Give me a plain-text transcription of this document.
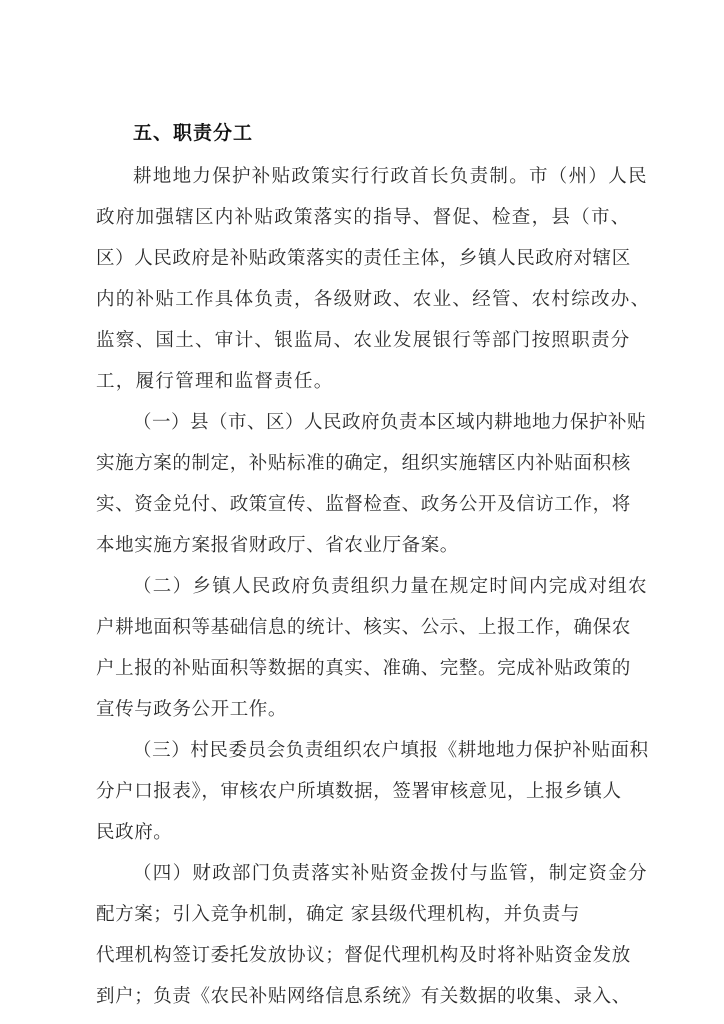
五、职责分工
耕地地力保护补贴政策实行行政首长负责制。市（州）人民
政府加强辖区内补贴政策落实的指导、督促、检查，县（市、
区）人民政府是补贴政策落实的责任主体，乡镇人民政府对辖区
内的补贴工作具体负责，各级财政、农业、经管、农村综改办、
监察、国土、审计、银监局、农业发展银行等部门按照职责分
工，履行管理和监督责任。
（一）县（市、区）人民政府负责本区域内耕地地力保护补贴
实施方案的制定，补贴标准的确定，组织实施辖区内补贴面积核
实、资金兑付、政策宣传、监督检查、政务公开及信访工作，将
本地实施方案报省财政厅、省农业厅备案。
（二）乡镇人民政府负责组织力量在规定时间内完成对组农
户耕地面积等基础信息的统计、核实、公示、上报工作，确保农
户上报的补贴面积等数据的真实、准确、完整。完成补贴政策的
宣传与政务公开工作。
（三）村民委员会负责组织农户填报《耕地地力保护补贴面积
分户口报表》，审核农户所填数据，签署审核意见，上报乡镇人
民政府。
（四）财政部门负责落实补贴资金拨付与监管，制定资金分
配方案；引入竞争机制，确定 家县级代理机构，并负责与
代理机构签订委托发放协议；督促代理机构及时将补贴资金发放
到户；负责《农民补贴网络信息系统》有关数据的收集、录入、
